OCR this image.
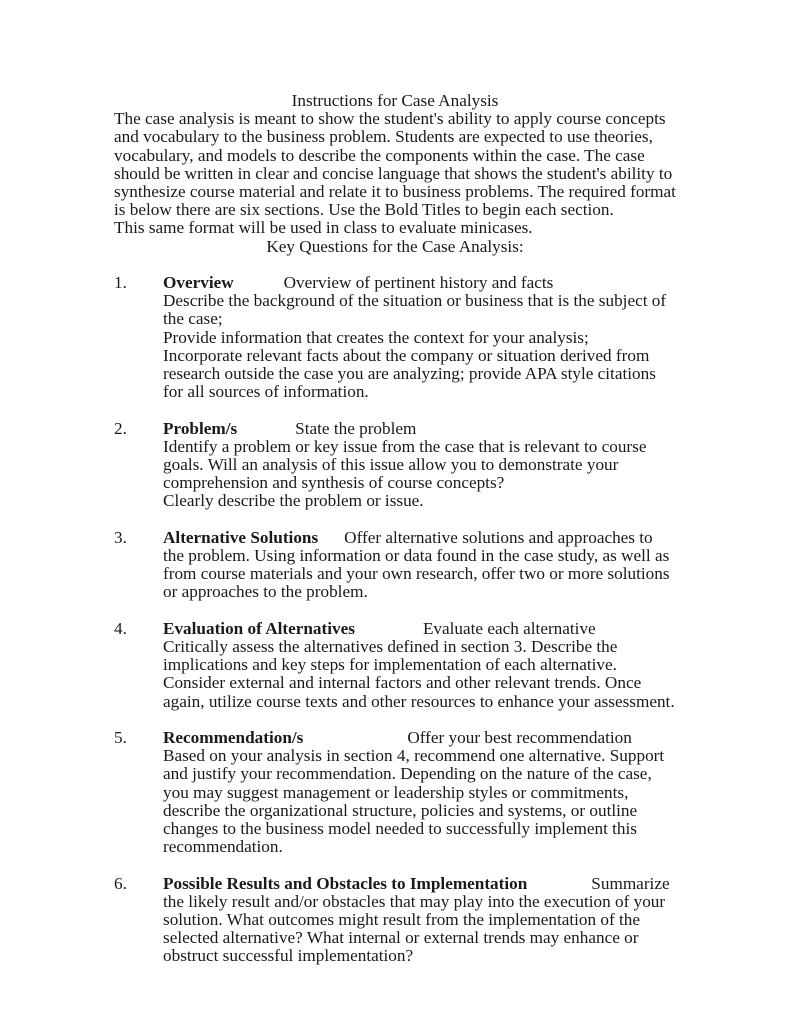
Instructions for Case Analysis
The case analysis is meant to show the student's ability to apply course concepts and vocabulary to the business problem. Students are expected to use theories, vocabulary, and models to describe the components within the case. The case should be written in clear and concise language that shows the student's ability to synthesize course material and relate it to business problems. The required format is below there are six sections. Use the Bold Titles to begin each section.
This same format will be used in class to evaluate minicases.
Key Questions for the Case Analysis:
1. Overview	Overview of pertinent history and facts
Describe the background of the situation or business that is the subject of the case;
Provide information that creates the context for your analysis;
Incorporate relevant facts about the company or situation derived from research outside the case you are analyzing; provide APA style citations for all sources of information.
2. Problem/s	State the problem
Identify a problem or key issue from the case that is relevant to course goals. Will an analysis of this issue allow you to demonstrate your comprehension and synthesis of course concepts?
Clearly describe the problem or issue.
3. Alternative Solutions Offer alternative solutions and approaches to the problem. Using information or data found in the case study, as well as from course materials and your own research, offer two or more solutions or approaches to the problem.
4. Evaluation of Alternatives	Evaluate each alternative
Critically assess the alternatives defined in section 3. Describe the implications and key steps for implementation of each alternative. Consider external and internal factors and other relevant trends. Once again, utilize course texts and other resources to enhance your assessment.
5. Recommendation/s	Offer your best recommendation
Based on your analysis in section 4, recommend one alternative. Support and justify your recommendation. Depending on the nature of the case, you may suggest management or leadership styles or commitments, describe the organizational structure, policies and systems, or outline changes to the business model needed to successfully implement this recommendation.
6. Possible Results and Obstacles to Implementation	Summarize the likely result and/or obstacles that may play into the execution of your solution. What outcomes might result from the implementation of the selected alternative? What internal or external trends may enhance or obstruct successful implementation?
